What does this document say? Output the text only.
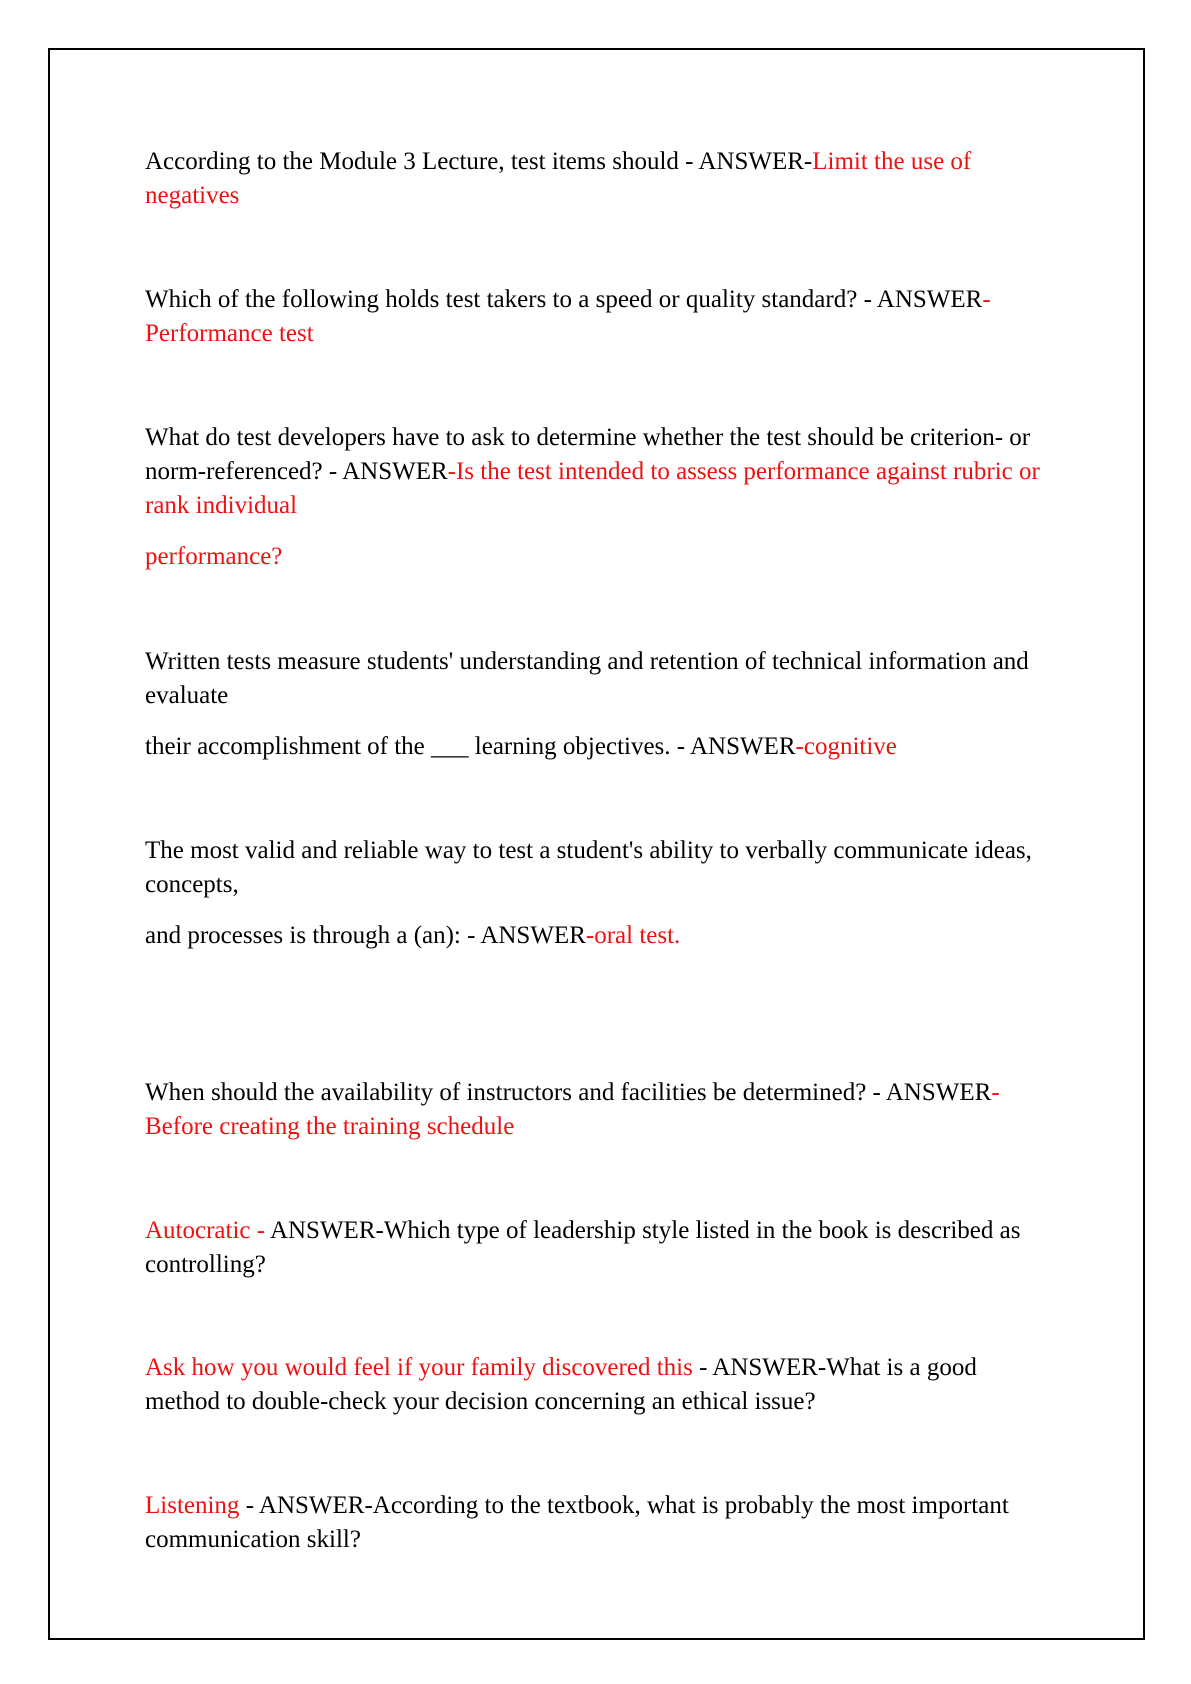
According to the Module 3 Lecture, test items should - ANSWER-Limit the use of negatives

Which of the following holds test takers to a speed or quality standard? - ANSWER-Performance test

What do test developers have to ask to determine whether the test should be criterion- or norm-referenced? - ANSWER-Is the test intended to assess performance against rubric or rank individual

performance?

Written tests measure students' understanding and retention of technical information and evaluate

their accomplishment of the ___ learning objectives. - ANSWER-cognitive

The most valid and reliable way to test a student's ability to verbally communicate ideas, concepts,

and processes is through a (an): - ANSWER-oral test.

When should the availability of instructors and facilities be determined? - ANSWER-Before creating the training schedule

Autocratic - ANSWER-Which type of leadership style listed in the book is described as controlling?

Ask how you would feel if your family discovered this - ANSWER-What is a good method to double-check your decision concerning an ethical issue?

Listening - ANSWER-According to the textbook, what is probably the most important communication skill?
